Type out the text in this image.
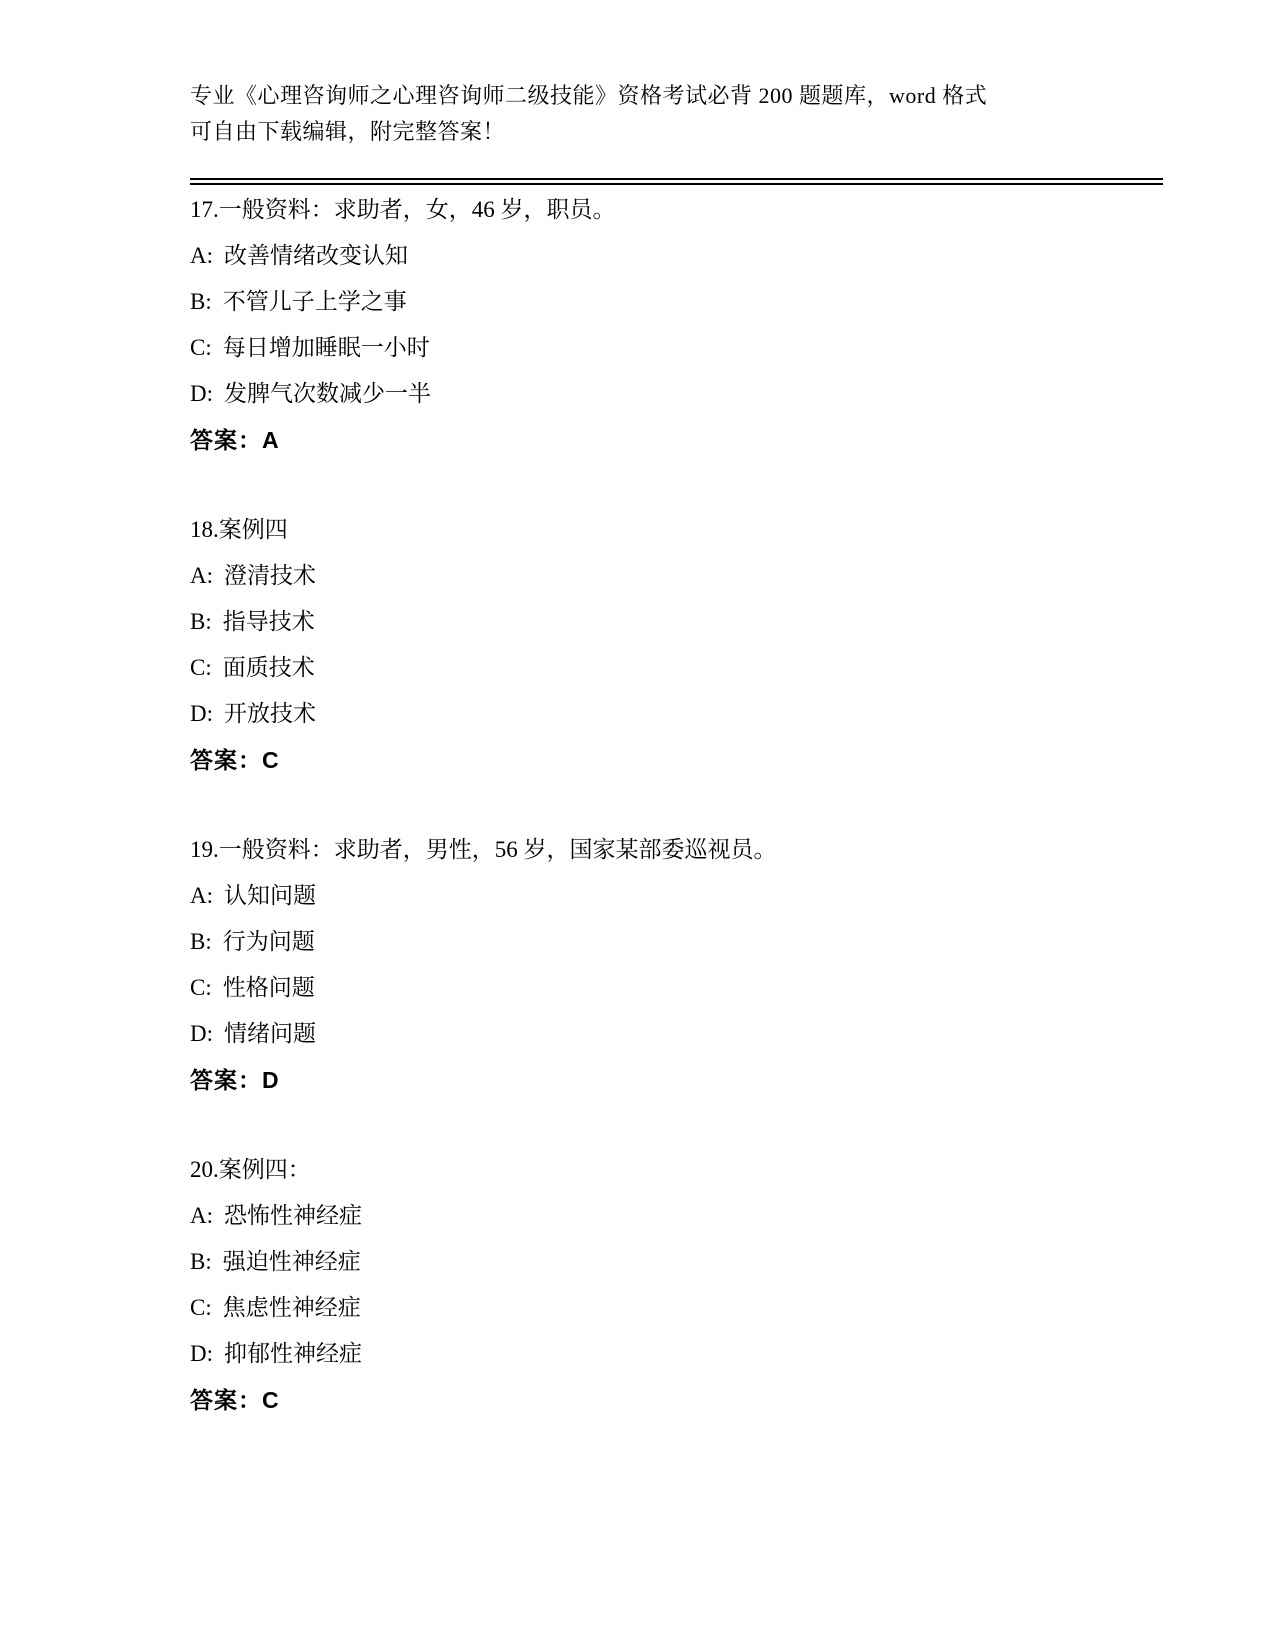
专业《心理咨询师之心理咨询师二级技能》资格考试必背 200 题题库，word 格式
可自由下载编辑，附完整答案！
17.一般资料：求助者，女，46 岁，职员。
A: 改善情绪改变认知
B: 不管儿子上学之事
C: 每日增加睡眠一小时
D: 发脾气次数减少一半
答案：A
18.案例四
A: 澄清技术
B: 指导技术
C: 面质技术
D: 开放技术
答案：C
19.一般资料：求助者，男性，56 岁，国家某部委巡视员。
A: 认知问题
B: 行为问题
C: 性格问题
D: 情绪问题
答案：D
20.案例四：
A: 恐怖性神经症
B: 强迫性神经症
C: 焦虑性神经症
D: 抑郁性神经症
答案：C
